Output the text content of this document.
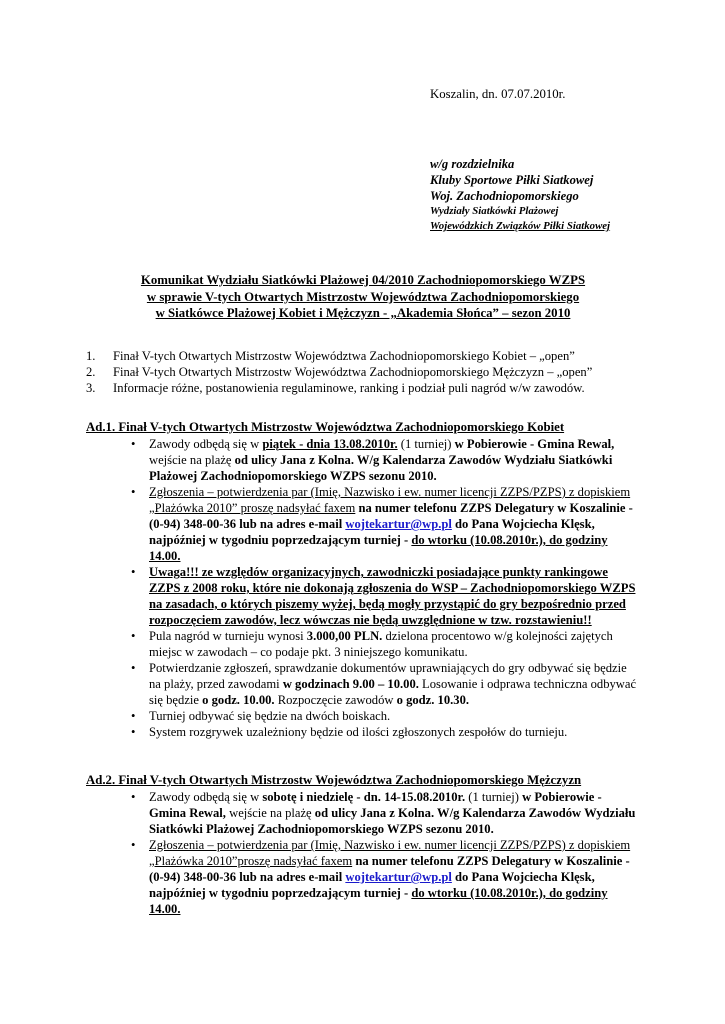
Koszalin, dn. 07.07.2010r.
w/g rozdzielnika
Kluby Sportowe Piłki Siatkowej
Woj. Zachodniopomorskiego
Wydziały Siatkówki Plażowej
Wojewódzkich Związków Piłki Siatkowej
Komunikat Wydziału Siatkówki Plażowej 04/2010 Zachodniopomorskiego WZPS
w sprawie V-tych Otwartych Mistrzostw Województwa Zachodniopomorskiego
w Siatkówce Plażowej Kobiet i Mężczyzn - „Akademia Słońca” – sezon 2010
1.	Finał V-tych Otwartych Mistrzostw Województwa Zachodniopomorskiego Kobiet – „open”
2.	Finał V-tych Otwartych Mistrzostw Województwa Zachodniopomorskiego Mężczyzn – „open”
3.	Informacje różne, postanowienia regulaminowe, ranking i podział puli nagród w/w zawodów.
Ad.1. Finał V-tych Otwartych Mistrzostw Województwa Zachodniopomorskiego Kobiet
• Zawody odbędą się w piątek - dnia 13.08.2010r. (1 turniej) w Pobierowie - Gmina Rewal, wejście na plażę od ulicy Jana z Kolna. W/g Kalendarza Zawodów Wydziału Siatkówki Plażowej Zachodniopomorskiego WZPS sezonu 2010.
• Zgłoszenia – potwierdzenia par (Imię, Nazwisko i ew. numer licencji ZZPS/PZPS) z dopiskiem „Plażówka 2010” proszę nadsyłać faxem na numer telefonu ZZPS Delegatury w Koszalinie - (0-94) 348-00-36 lub na adres e-mail wojtekartur@wp.pl do Pana Wojciecha Klęsk, najpóźniej w tygodniu poprzedzającym turniej - do wtorku (10.08.2010r.), do godziny 14.00.
• Uwaga!!! ze względów organizacyjnych, zawodniczki posiadające punkty rankingowe ZZPS z 2008 roku, które nie dokonają zgłoszenia do WSP – Zachodniopomorskiego WZPS na zasadach, o których piszemy wyżej, będą mogły przystąpić do gry bezpośrednio przed rozpoczęciem zawodów, lecz wówczas nie będą uwzględnione w tzw. rozstawieniu!!
• Pula nagród w turnieju wynosi 3.000,00 PLN. dzielona procentowo w/g kolejności zajętych miejsc w zawodach – co podaje pkt. 3 niniejszego komunikatu.
• Potwierdzanie zgłoszeń, sprawdzanie dokumentów uprawniających do gry odbywać się będzie na plaży, przed zawodami w godzinach 9.00 – 10.00. Losowanie i odprawa techniczna odbywać się będzie o godz. 10.00. Rozpoczęcie zawodów o godz. 10.30.
• Turniej odbywać się będzie na dwóch boiskach.
• System rozgrywek uzależniony będzie od ilości zgłoszonych zespołów do turnieju.
Ad.2. Finał V-tych Otwartych Mistrzostw Województwa Zachodniopomorskiego Mężczyzn
• Zawody odbędą się w sobotę i niedzielę - dn. 14-15.08.2010r. (1 turniej) w Pobierowie - Gmina Rewal, wejście na plażę od ulicy Jana z Kolna. W/g Kalendarza Zawodów Wydziału Siatkówki Plażowej Zachodniopomorskiego WZPS sezonu 2010.
• Zgłoszenia – potwierdzenia par (Imię, Nazwisko i ew. numer licencji ZZPS/PZPS) z dopiskiem „Plażówka 2010”proszę nadsyłać faxem na numer telefonu ZZPS Delegatury w Koszalinie - (0-94) 348-00-36 lub na adres e-mail wojtekartur@wp.pl do Pana Wojciecha Klęsk, najpóźniej w tygodniu poprzedzającym turniej - do wtorku (10.08.2010r.), do godziny 14.00.
